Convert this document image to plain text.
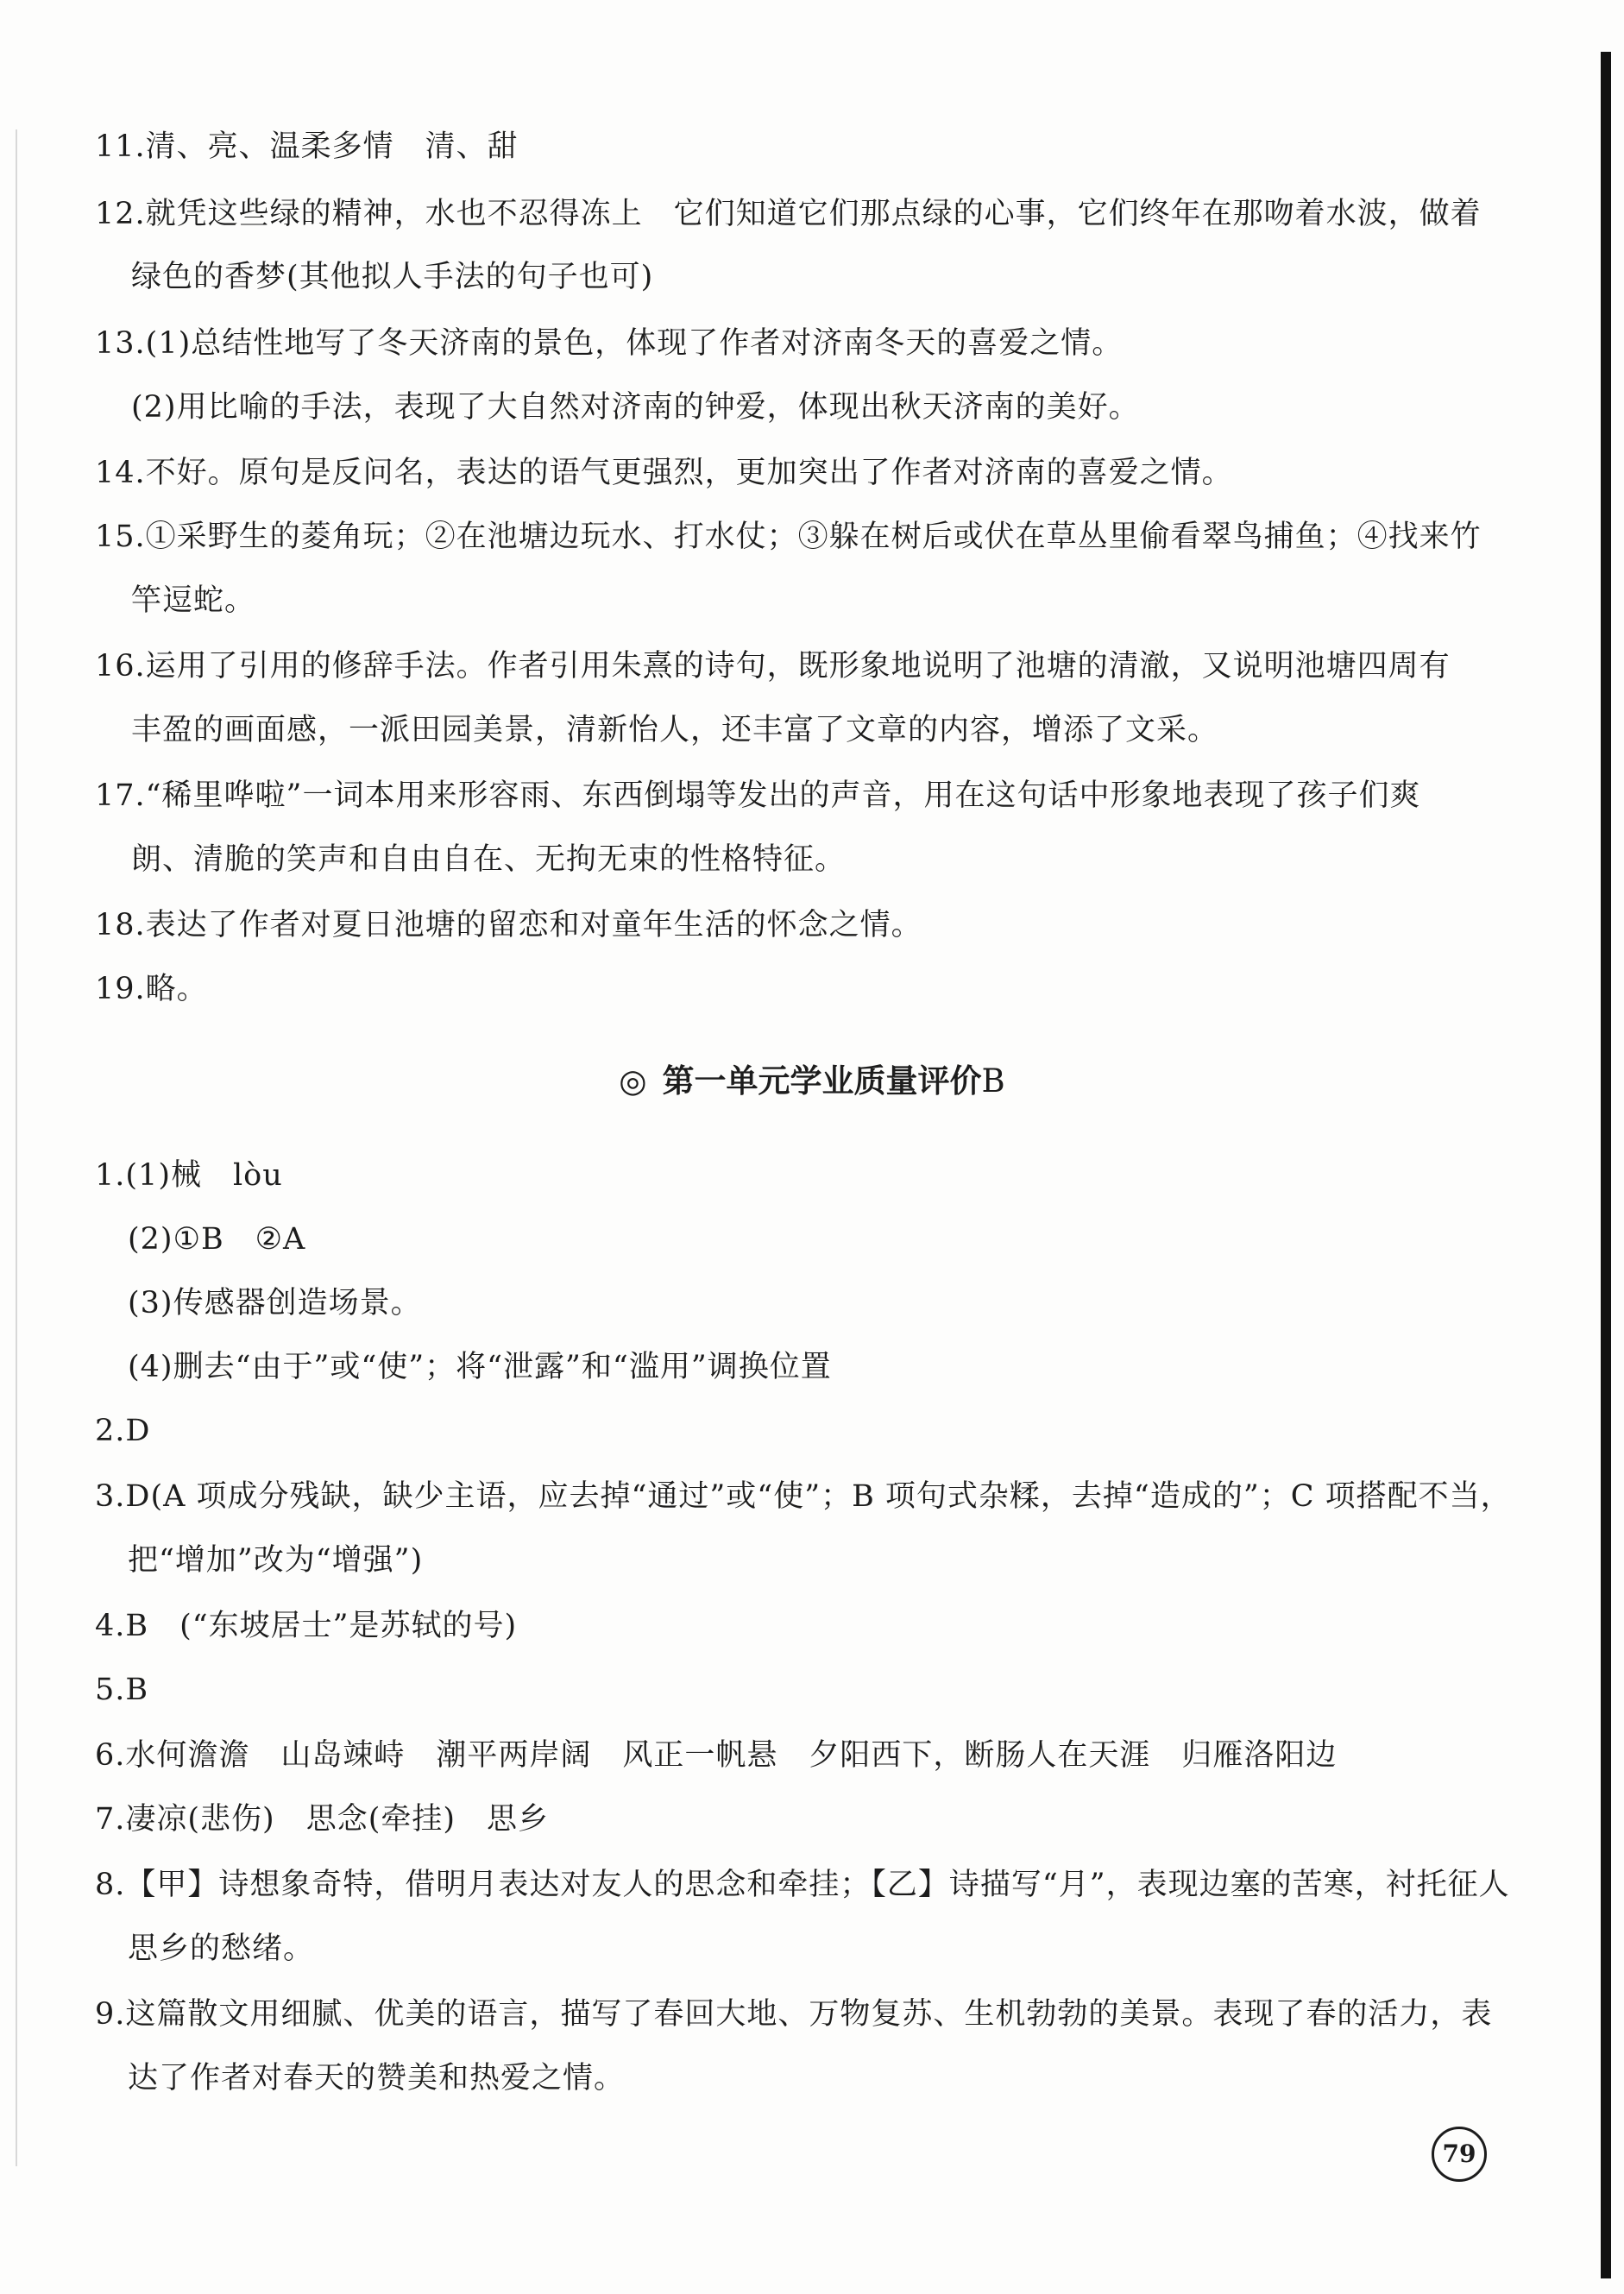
11.清、亮、温柔多情　清、甜
12.就凭这些绿的精神，水也不忍得冻上　它们知道它们那点绿的心事，它们终年在那吻着水波，做着
绿色的香梦(其他拟人手法的句子也可)
13.(1)总结性地写了冬天济南的景色，体现了作者对济南冬天的喜爱之情。
(2)用比喻的手法，表现了大自然对济南的钟爱，体现出秋天济南的美好。
14.不好。原句是反问名，表达的语气更强烈，更加突出了作者对济南的喜爱之情。
15.①采野生的菱角玩；②在池塘边玩水、打水仗；③躲在树后或伏在草丛里偷看翠鸟捕鱼；④找来竹
竿逗蛇。
16.运用了引用的修辞手法。作者引用朱熹的诗句，既形象地说明了池塘的清澈，又说明池塘四周有
丰盈的画面感，一派田园美景，清新怡人，还丰富了文章的内容，增添了文采。
17.“稀里哗啦”一词本用来形容雨、东西倒塌等发出的声音，用在这句话中形象地表现了孩子们爽
朗、清脆的笑声和自由自在、无拘无束的性格特征。
18.表达了作者对夏日池塘的留恋和对童年生活的怀念之情。
19.略。
◎ 第一单元学业质量评价B
1.(1)械　lòu
(2)①B　②A
(3)传感器创造场景。
(4)删去“由于”或“使”；将“泄露”和“滥用”调换位置
2.D
3.D(A 项成分残缺，缺少主语，应去掉“通过”或“使”；B 项句式杂糅，去掉“造成的”；C 项搭配不当，
把“增加”改为“增强”)
4.B　(“东坡居士”是苏轼的号)
5.B
6.水何澹澹　山岛竦峙　潮平两岸阔　风正一帆悬　夕阳西下，断肠人在天涯　归雁洛阳边
7.凄凉(悲伤)　思念(牵挂)　思乡
8.【甲】诗想象奇特，借明月表达对友人的思念和牵挂；【乙】诗描写“月”，表现边塞的苦寒，衬托征人
思乡的愁绪。
9.这篇散文用细腻、优美的语言，描写了春回大地、万物复苏、生机勃勃的美景。表现了春的活力，表
达了作者对春天的赞美和热爱之情。
79
